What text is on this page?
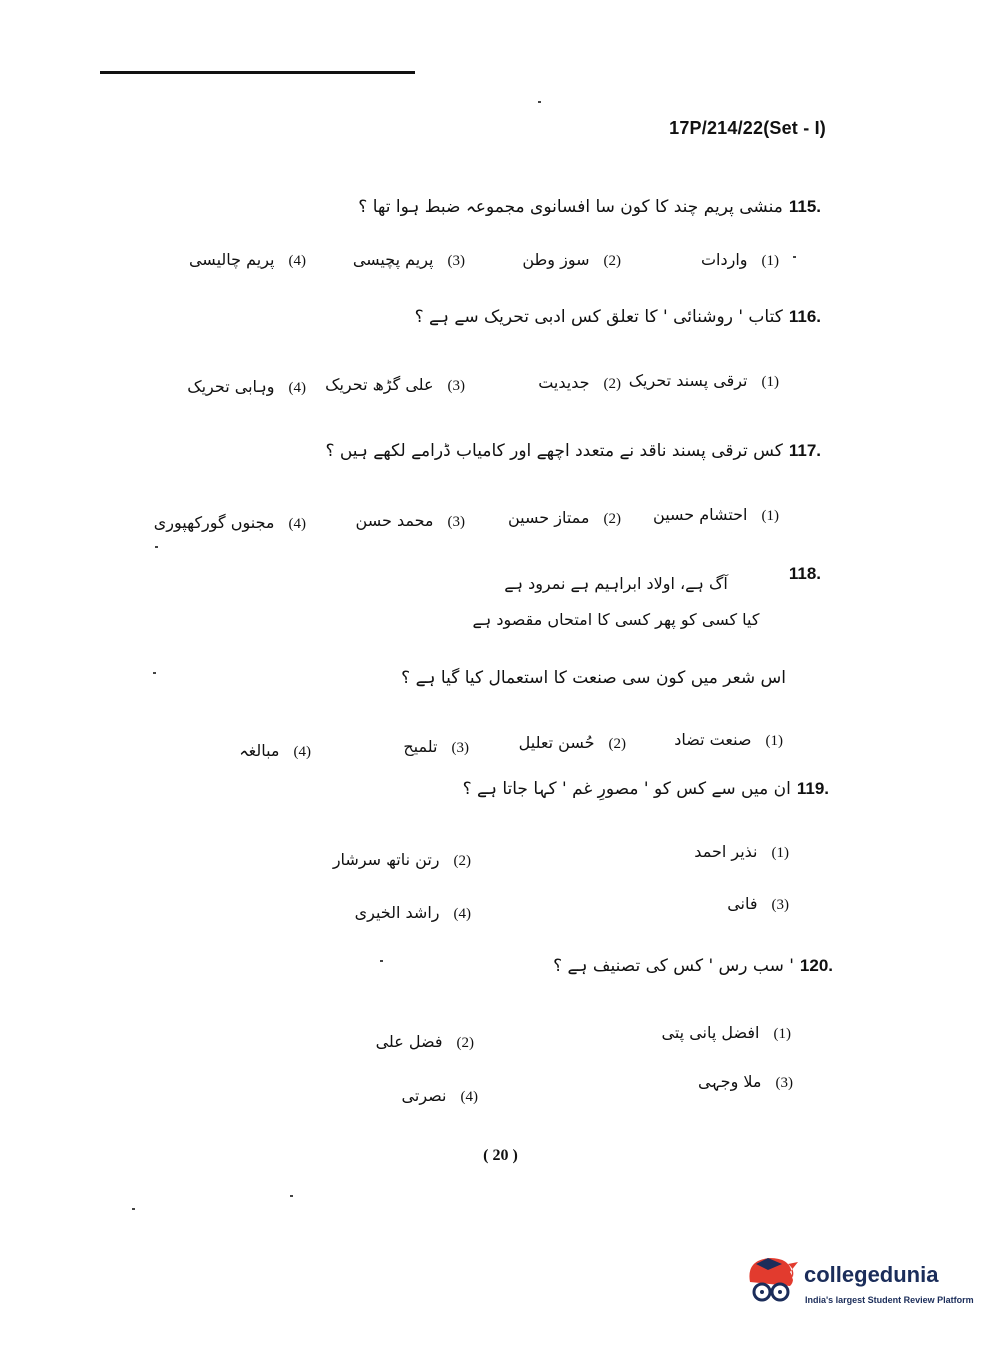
17P/214/22(Set - I)
115.
منشی پریم چند کا کون سا افسانوی مجموعہ ضبط ہوا تھا ؟
(1)
واردات
(2)
سوز وطن
(3)
پریم پچیسی
(4)
پریم چالیسی
116.
کتاب ' روشنائی ' کا تعلق کس ادبی تحریک سے ہے ؟
(1)
ترقی پسند تحریک
(2)
جدیدیت
(3)
علی گڑھ تحریک
(4)
وہابی تحریک
117.
کس ترقی پسند ناقد نے متعدد اچھے اور کامیاب ڈرامے لکھے ہیں ؟
(1)
احتشام حسین
(2)
ممتاز حسین
(3)
محمد حسن
(4)
مجنوں گورکھپوری
118.
آگ ہے، اولاد ابراہیم ہے نمرود ہے
کیا کسی کو پھر کسی کا امتحاں مقصود ہے
اس شعر میں کون سی صنعت کا استعمال کیا گیا ہے ؟
(1)
صنعت تضاد
(2)
حُسن تعلیل
(3)
تلمیح
(4)
مبالغہ
119.
ان میں سے کس کو ' مصورِ غم ' کہا جاتا ہے ؟
(1)
نذیر احمد
(2)
رتن ناتھ سرشار
(3)
فانی
(4)
راشد الخیری
120.
' سب رس ' کس کی تصنیف ہے ؟
(1)
افضل پانی پتی
(2)
فضل علی
(3)
ملا وجہی
(4)
نصرتی
( 20 )
collegedunia
India's largest Student Review Platform
